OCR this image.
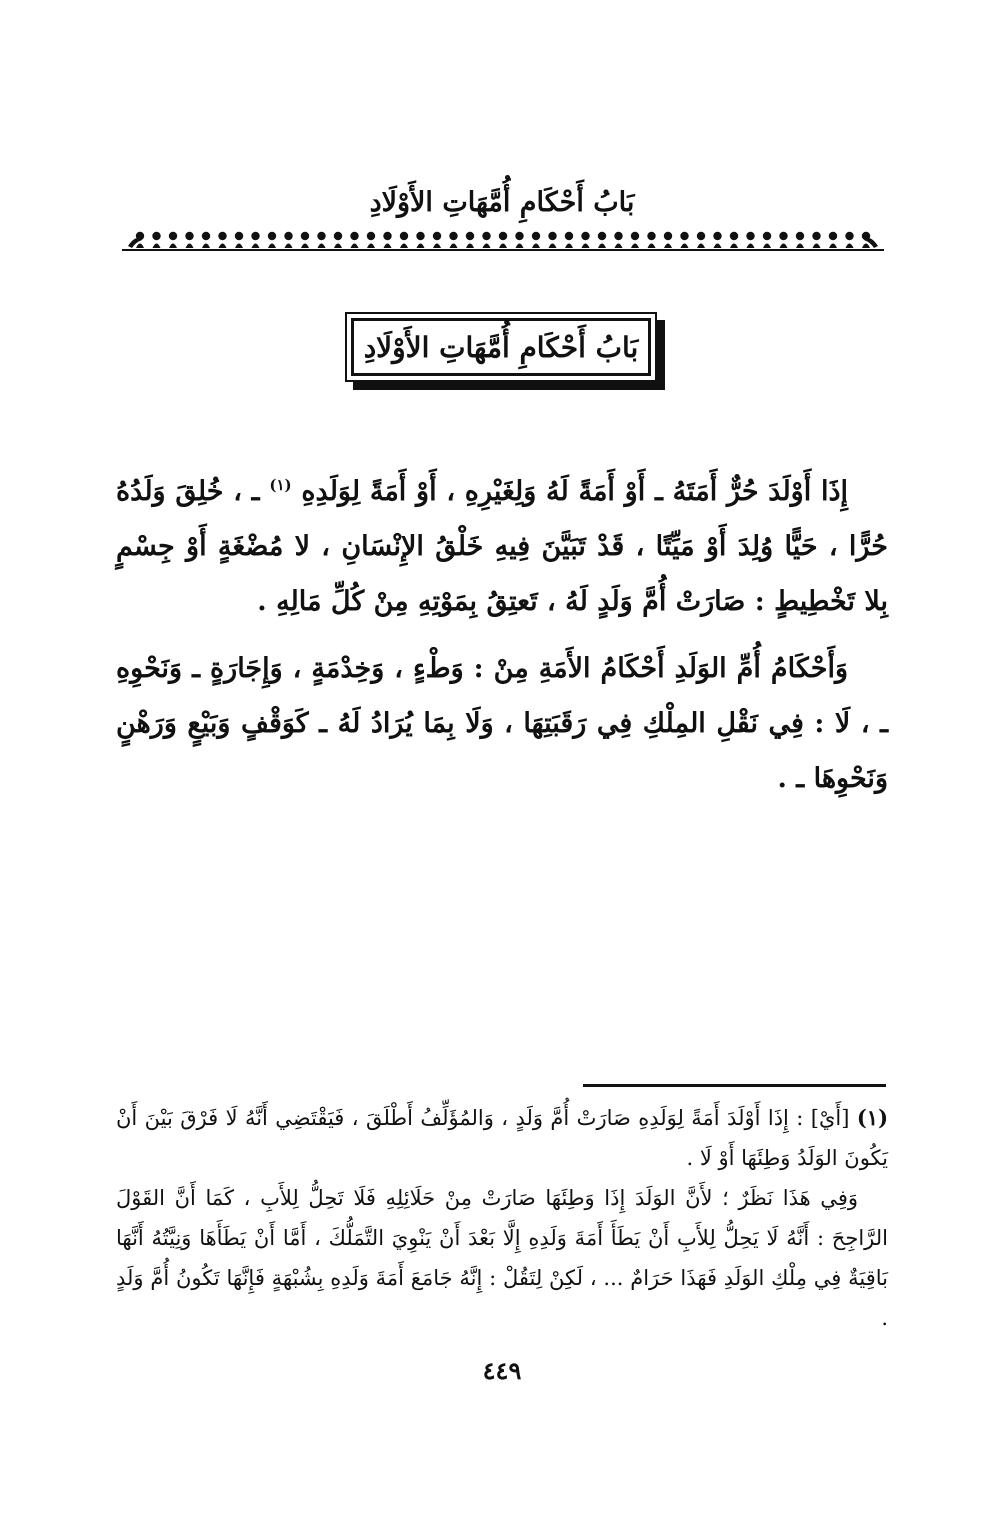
بَابُ أَحْكَامِ أُمَّهَاتِ الأَوْلَادِ
بَابُ أَحْكَامِ أُمَّهَاتِ الأَوْلَادِ

إِذَا أَوْلَدَ حُرٌّ أَمَتَهُ ـ أَوْ أَمَةً لَهُ وَلِغَيْرِهِ ، أَوْ أَمَةً لِوَلَدِهِ $^{(١)}$ ـ ، خُلِقَ وَلَدُهُ حُرًّا ، حَيًّا وُلِدَ أَوْ مَيِّتًا ، قَدْ تَبَيَّنَ فِيهِ خَلْقُ الإِنْسَانِ ، لا مُضْغَةٍ أَوْ جِسْمٍ بِلا تَخْطِيطٍ : صَارَتْ أُمَّ وَلَدٍ لَهُ ، تَعتِقُ بِمَوْتِهِ مِنْ كُلِّ مَالِهِ .

وَأَحْكَامُ أُمِّ الوَلَدِ أَحْكَامُ الأَمَةِ مِنْ : وَطْءٍ ، وَخِدْمَةٍ ، وَإِجَارَةٍ ـ وَنَحْوِهِ ـ ، لَا : فِي نَقْلِ المِلْكِ فِي رَقَبَتِهَا ، وَلَا بِمَا يُرَادُ لَهُ ـ كَوَقْفٍ وَبَيْعٍ وَرَهْنٍ وَنَحْوِهَا ـ .

(١) [أَيْ] : إِذَا أَوْلَدَ أَمَةً لِوَلَدِهِ صَارَتْ أُمَّ وَلَدٍ ، وَالمُؤَلِّفُ أَطْلَقَ ، فَيَقْتَضِي أَنَّهُ لَا فَرْقَ بَيْنَ أَنْ يَكُونَ الوَلَدُ وَطِئَهَا أَوْ لَا .

وَفِي هَذَا نَظَرٌ ؛ لأَنَّ الوَلَدَ إِذَا وَطِئَهَا صَارَتْ مِنْ حَلَائِلِهِ فَلَا تَحِلُّ لِلأَبِ ، كَمَا أَنَّ القَوْلَ الرَّاجِحَ : أَنَّهُ لَا يَحِلُّ لِلأَبِ أَنْ يَطَأَ أَمَةَ وَلَدِهِ إِلَّا بَعْدَ أَنْ يَنْوِيَ التَّمَلُّكَ ، أَمَّا أَنْ يَطَأَهَا وَنِيَّتُهُ أَنَّهَا بَاقِيَةٌ فِي مِلْكِ الوَلَدِ فَهَذَا حَرَامٌ ... ، لَكِنْ لِتَقُلْ : إِنَّهُ جَامَعَ أَمَةَ وَلَدِهِ بِشُبْهَةٍ فَإِنَّهَا تَكُونُ أُمَّ وَلَدٍ .

٤٤٩
